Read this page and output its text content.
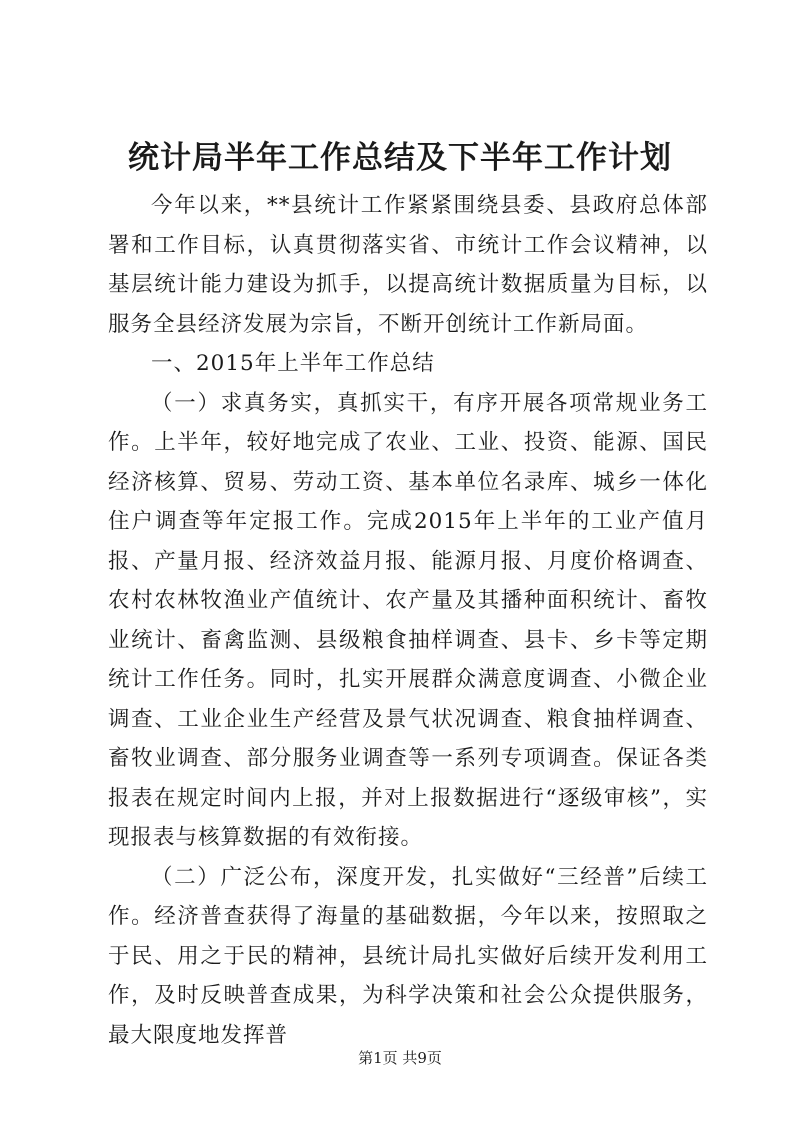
统计局半年工作总结及下半年工作计划

今年以来，**县统计工作紧紧围绕县委、县政府总体部署和工作目标，认真贯彻落实省、市统计工作会议精神，以基层统计能力建设为抓手，以提高统计数据质量为目标，以服务全县经济发展为宗旨，不断开创统计工作新局面。

一、2015年上半年工作总结

（一）求真务实，真抓实干，有序开展各项常规业务工作。上半年，较好地完成了农业、工业、投资、能源、国民经济核算、贸易、劳动工资、基本单位名录库、城乡一体化住户调查等年定报工作。完成2015年上半年的工业产值月报、产量月报、经济效益月报、能源月报、月度价格调查、农村农林牧渔业产值统计、农产量及其播种面积统计、畜牧业统计、畜禽监测、县级粮食抽样调查、县卡、乡卡等定期统计工作任务。同时，扎实开展群众满意度调查、小微企业调查、工业企业生产经营及景气状况调查、粮食抽样调查、畜牧业调查、部分服务业调查等一系列专项调查。保证各类报表在规定时间内上报，并对上报数据进行“逐级审核”，实现报表与核算数据的有效衔接。

（二）广泛公布，深度开发，扎实做好“三经普”后续工作。经济普查获得了海量的基础数据，今年以来，按照取之于民、用之于民的精神，县统计局扎实做好后续开发利用工作，及时反映普查成果，为科学决策和社会公众提供服务，最大限度地发挥普

第1页 共9页
